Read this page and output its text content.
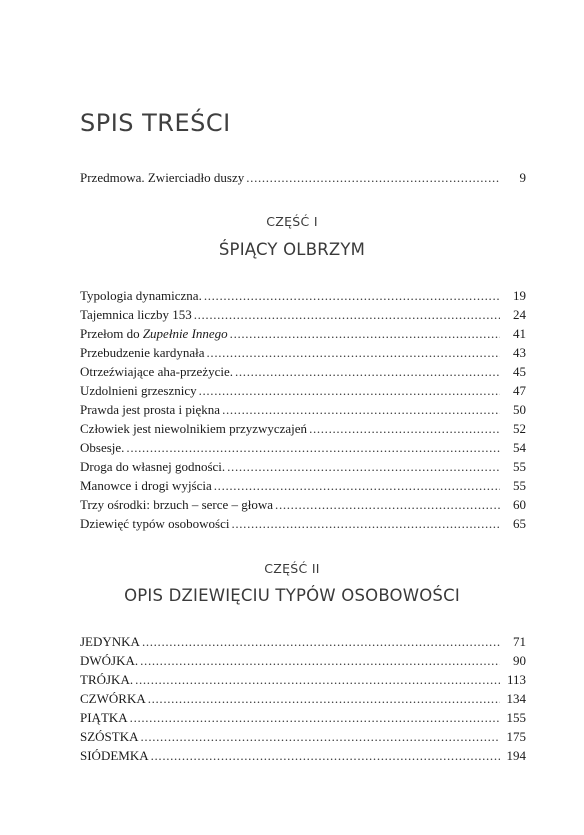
SPIS TREŚCI
Przedmowa. Zwierciadło duszy . . .	9

CZĘŚĆ I

ŚPIĄCY OLBRZYM

Typologia dynamiczna. . . .	19
Tajemnica liczby 153 . . .	24
Przełom do Zupełnie Innego . . .	41
Przebudzenie kardynała . . .	43
Otrzeźwiające aha-przeżycie. . . .	45
Uzdolnieni grzesznicy . . .	47
Prawda jest prosta i piękna . . .	50
Człowiek jest niewolnikiem przyzwyczajeń . . .	52
Obsesje. . . .	54
Droga do własnej godności. . . .	55
Manowce i drogi wyjścia . . .	55
Trzy ośrodki: brzuch – serce – głowa . . .	60
Dziewięć typów osobowości . . .	65

CZĘŚĆ II

OPIS DZIEWIĘCIU TYPÓW OSOBOWOŚCI

JEDYNKA . . .	71
DWÓJKA. . . .	90
TRÓJKA. . . .	113
CZWÓRKA . . .	134
PIĄTKA . . .	155
SZÓSTKA . . .	175
SIÓDEMKA . . .	194
